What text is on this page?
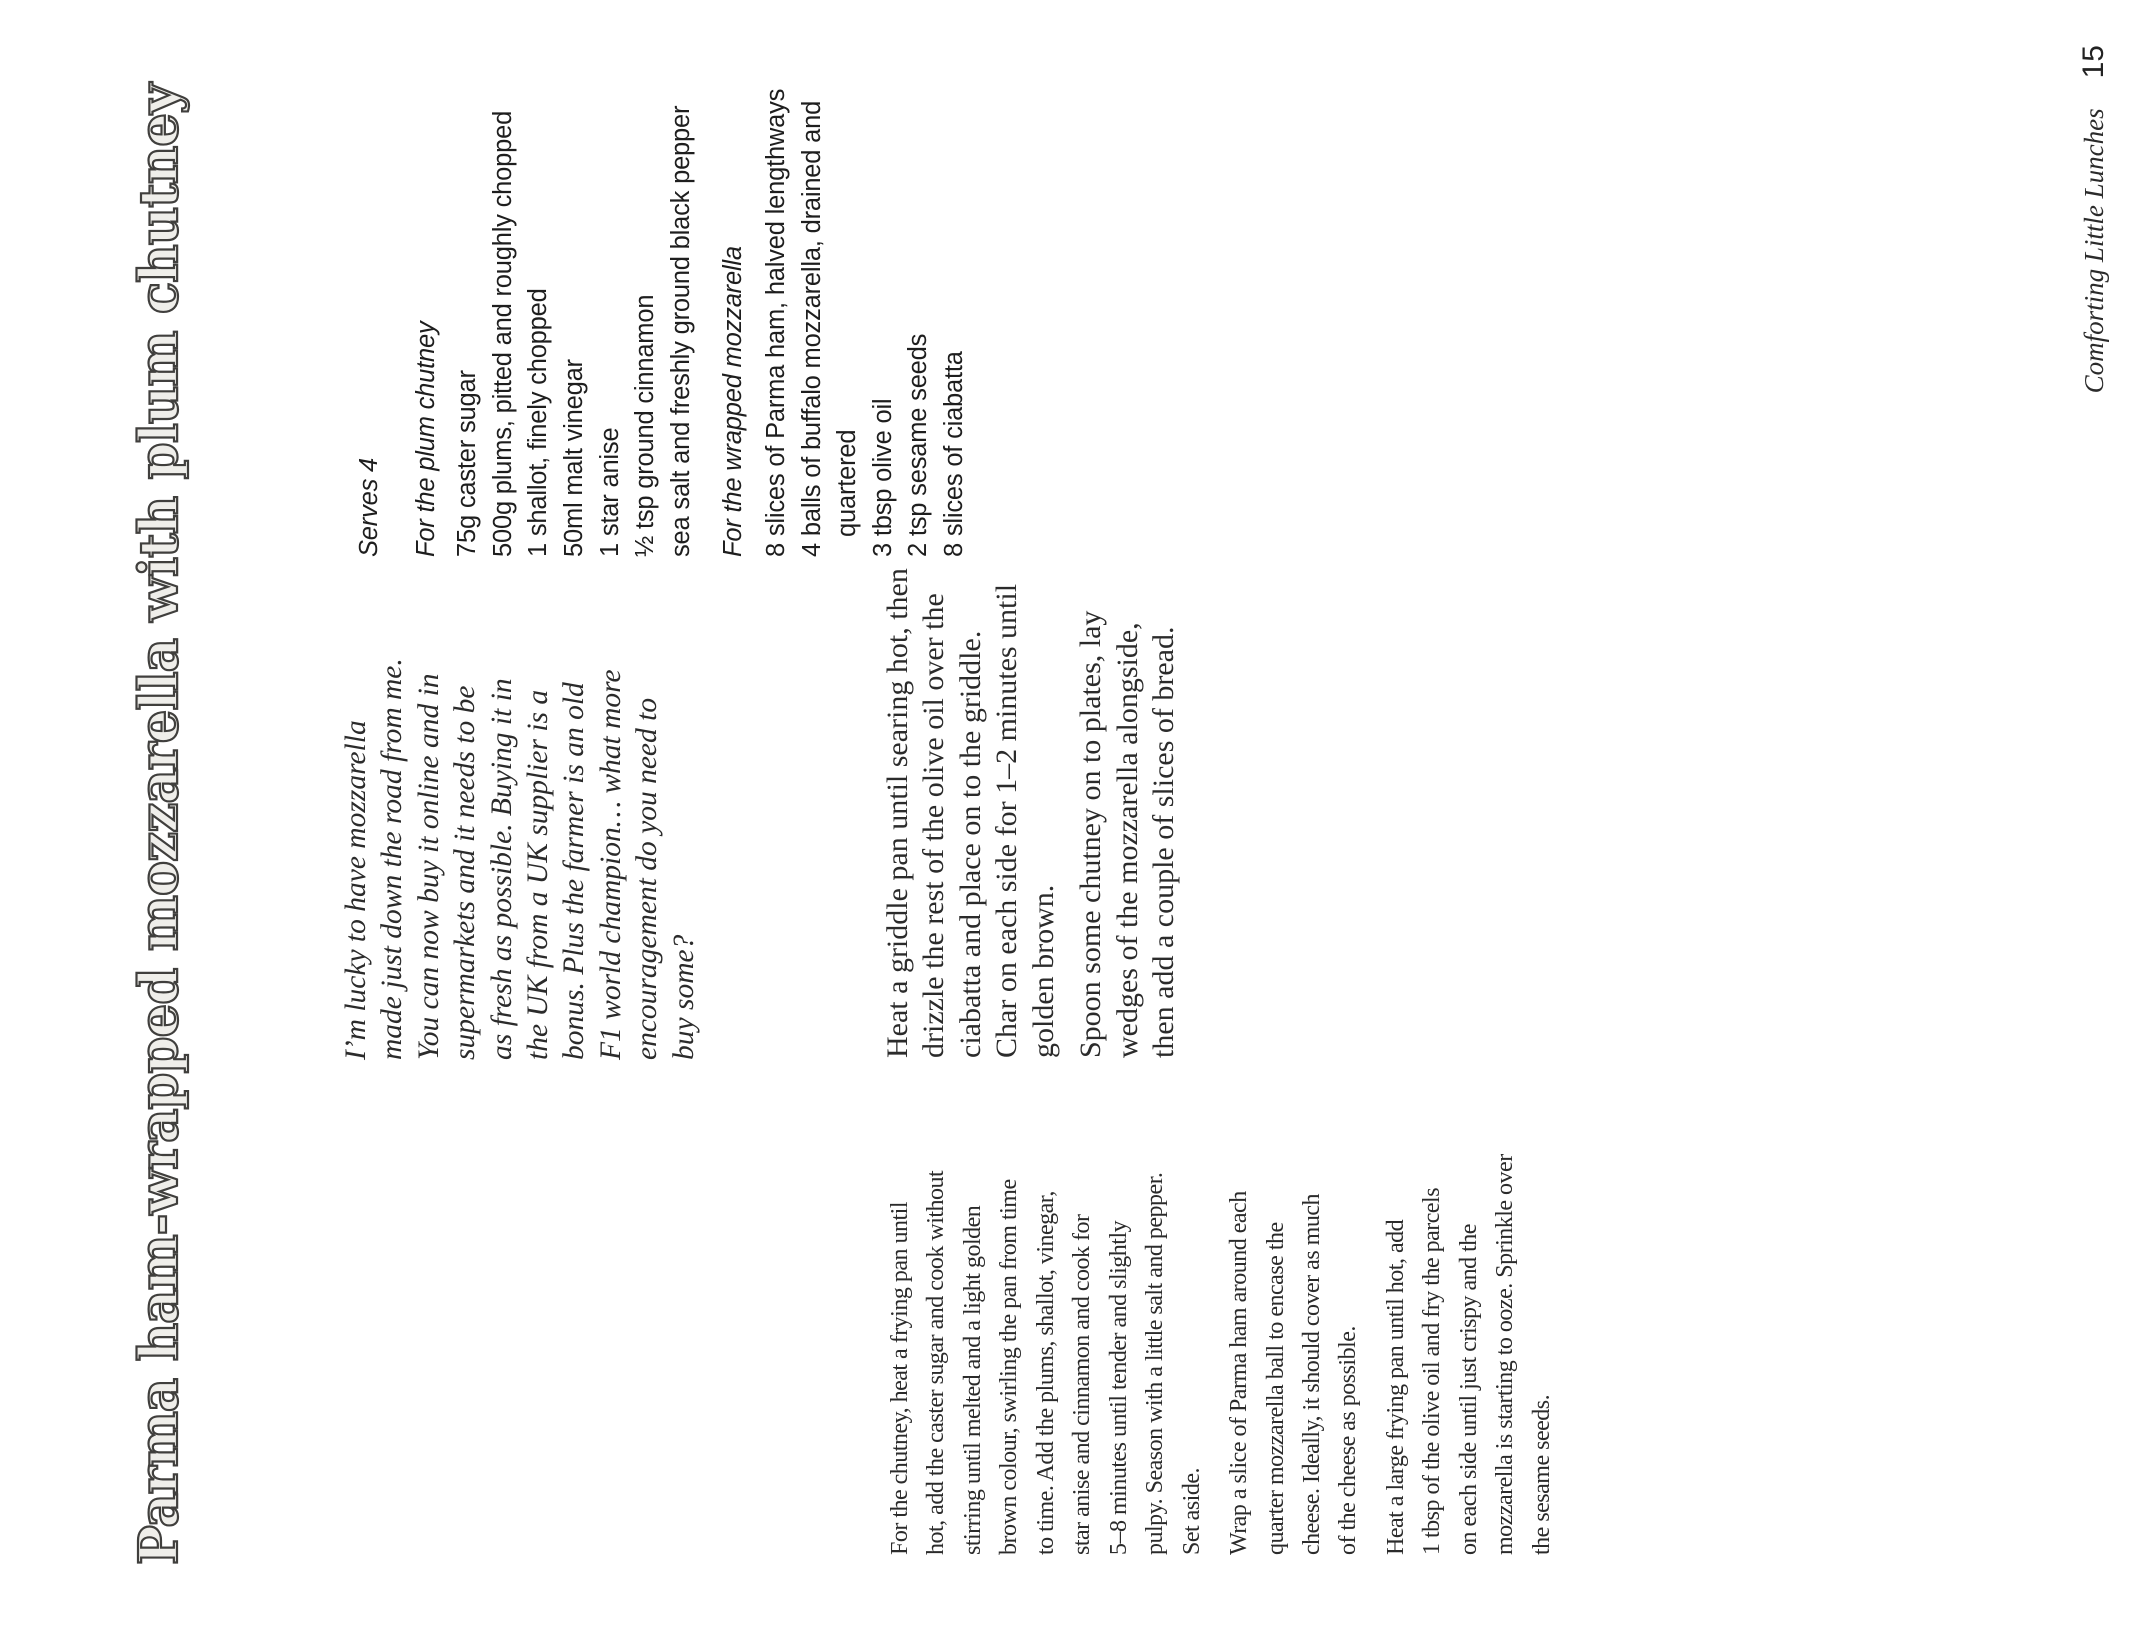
Parma ham-wrapped mozzarella with plum chutney	I’m lucky to have mozzarella made just down the road from me. You can now buy it online and in supermarkets and it needs to be as fresh as possible. Buying it in the UK from a UK supplier is a bonus. Plus the farmer is an old F1 world champion… what more encouragement do you need to buy some?
Serves 4	For the plum chutney 75g caster sugar 500g plums, pitted and roughly chopped 1 shallot, finely chopped 50ml malt vinegar 1 star anise ½ tsp ground cinnamon sea salt and freshly ground black pepper For the wrapped mozzarella 8 slices of Parma ham, halved lengthways 4 balls of buffalo mozzarella, drained and quartered 3 tbsp olive oil 2 tsp sesame seeds 8 slices of ciabatta
For the chutney, heat a frying pan until hot, add the caster sugar and cook without stirring until melted and a light golden brown colour, swirling the pan from time to time. Add the plums, shallot, vinegar, star anise and cinnamon and cook for 5–8 minutes until tender and slightly pulpy. Season with a little salt and pepper. Set aside. Wrap a slice of Parma ham around each quarter mozzarella ball to encase the cheese. Ideally, it should cover as much of the cheese as possible. Heat a large frying pan until hot, add 1 tbsp of the olive oil and fry the parcels on each side until just crispy and the mozzarella is starting to ooze. Sprinkle over the sesame seeds.
Heat a griddle pan until searing hot, then drizzle the rest of the olive oil over the ciabatta and place on to the griddle. Char on each side for 1–2 minutes until golden brown. Spoon some chutney on to plates, lay wedges of the mozzarella alongside, then add a couple of slices of bread.
Comforting Little Lunches
15
